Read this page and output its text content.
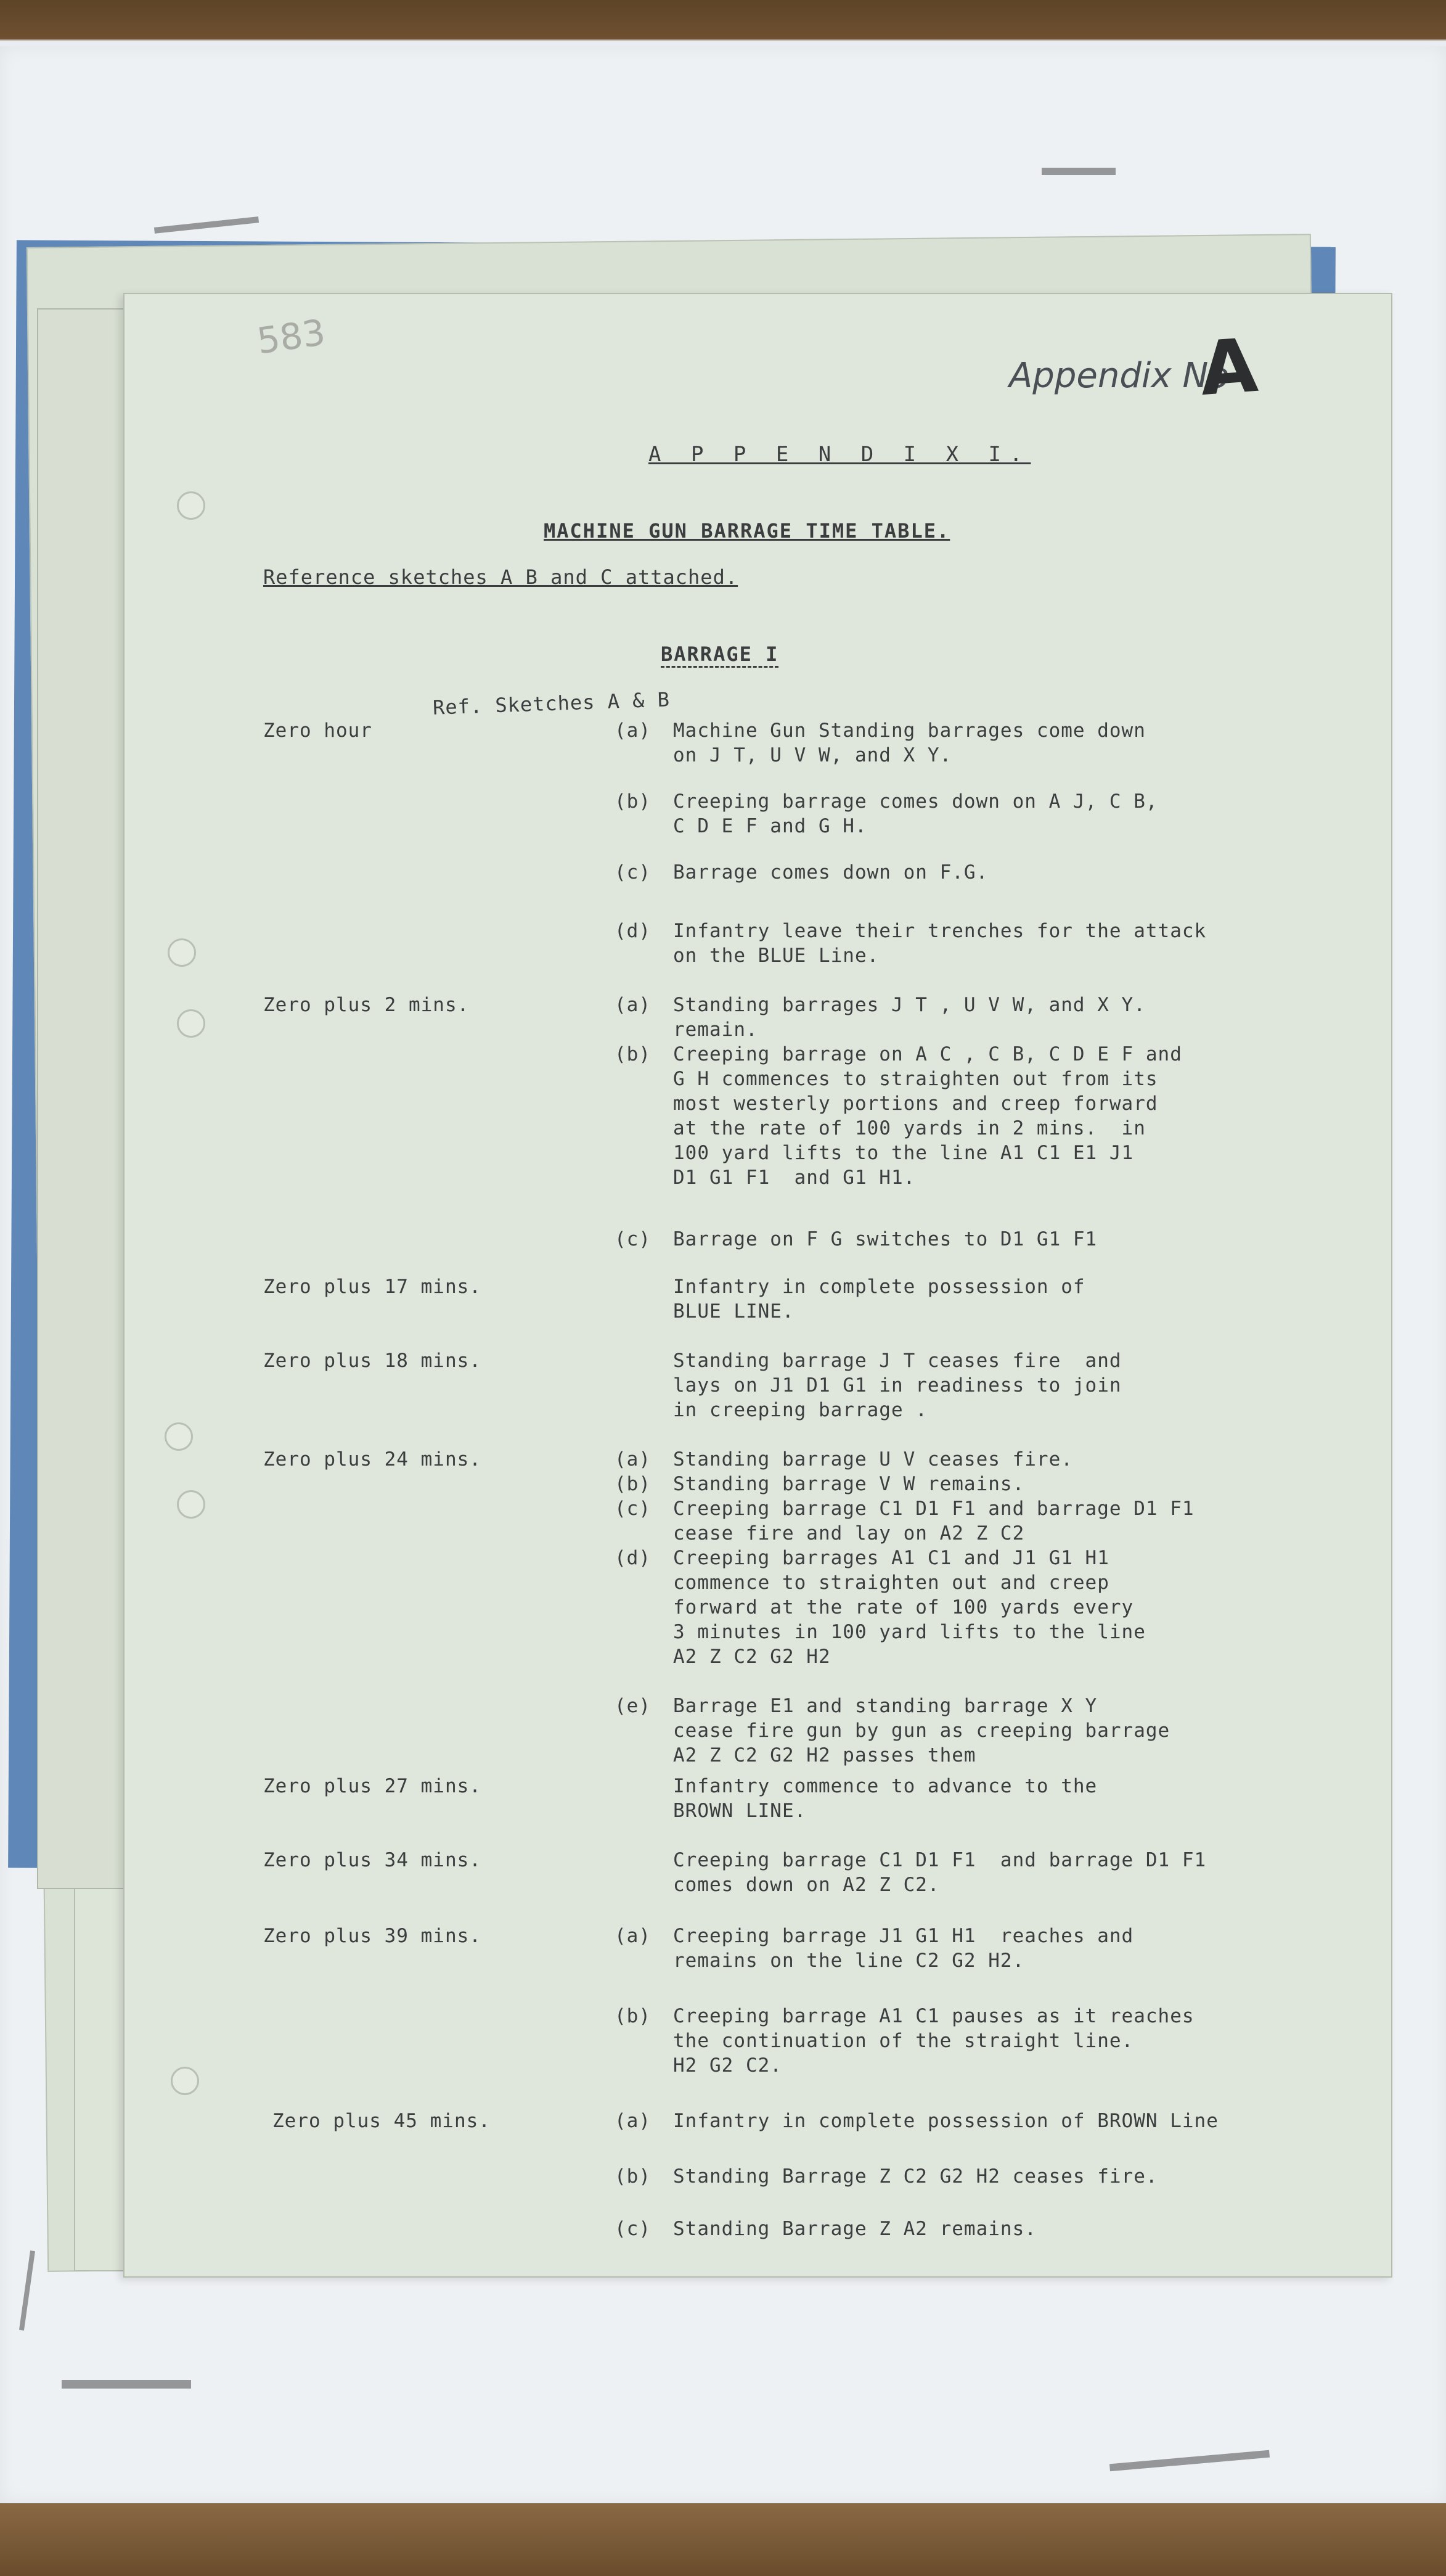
583
Appendix No
A
A P P E N D I X I.
MACHINE GUN BARRAGE TIME TABLE.
Reference sketches A B and C attached.
BARRAGE I
Ref. Sketches A & B
Zero hour	(a) Machine Gun Standing barrages come down
on J T, U V W, and X Y.
(b) Creeping barrage comes down on A J, C B,
C D E F and G H.
(c) Barrage comes down on F.G.
(d) Infantry leave their trenches for the attack
on the BLUE Line.
Zero plus 2 mins.	(a) Standing barrages J T , U V W, and X Y.
remain.
(b) Creeping barrage on A C , C B, C D E F and
G H commences to straighten out from its
most westerly portions and creep forward
at the rate of 100 yards in 2 mins.  in
100 yard lifts to the line A1 C1 E1 J1
D1 G1 F1  and G1 H1.
(c) Barrage on F G switches to D1 G1 F1
Zero plus 17 mins.	Infantry in complete possession of
BLUE LINE.
Zero plus 18 mins.	Standing barrage J T ceases fire  and
lays on J1 D1 G1 in readiness to join
in creeping barrage .
Zero plus 24 mins.	(a) Standing barrage U V ceases fire.
(b) Standing barrage V W remains.
(c) Creeping barrage C1 D1 F1 and barrage D1 F1
cease fire and lay on A2 Z C2
(d) Creeping barrages A1 C1 and J1 G1 H1
commence to straighten out and creep
forward at the rate of 100 yards every
3 minutes in 100 yard lifts to the line
A2 Z C2 G2 H2
(e) Barrage E1 and standing barrage X Y
cease fire gun by gun as creeping barrage
A2 Z C2 G2 H2 passes them
Zero plus 27 mins.	Infantry commence to advance to the
BROWN LINE.
Zero plus 34 mins.	Creeping barrage C1 D1 F1  and barrage D1 F1
comes down on A2 Z C2.
Zero plus 39 mins.	(a) Creeping barrage J1 G1 H1  reaches and
remains on the line C2 G2 H2.
(b) Creeping barrage A1 C1 pauses as it reaches
the continuation of the straight line.
H2 G2 C2.
Zero plus 45 mins.	(a) Infantry in complete possession of BROWN Line
(b) Standing Barrage Z C2 G2 H2 ceases fire.
(c) Standing Barrage Z A2 remains.
